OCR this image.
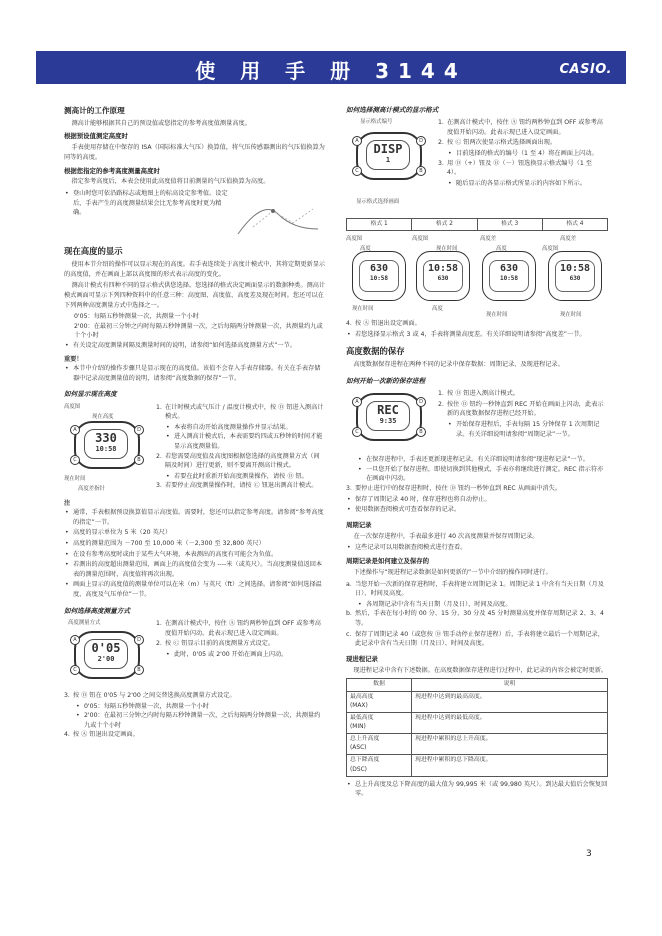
使 用 手 册 3144	CASIO.
测高计的工作原理

测高计能够根据其自己的预设值或您指定的参考高度值测量高度。

根据预设值测定高度时

手表使用存储在中保存的 ISA（国际标准大气压）换算值，将气压传感器测出的气压值换算为同等的高度。

根据您指定的参考高度测量高度时

指定参考高度后，本表会使用此高度值将目前测量的气压值换算为高度。

• 登山时您可依沿路标志或地图上的标高设定参考值。设定后，手表产生的高度测量结果会比无参考高度时更为精确。
现在高度的显示

使用本节介绍的操作可以显示现在的高度。若手表连续处于高度计模式中，其将定期更新显示的高度值，并在画面上部以高度图的形式表示高度的变化。

测高计模式有四种不同的显示格式供您选择。您选择的格式决定画面显示的数据种类。测高计模式画面可显示下列四种资料中的任意三种：高度图、高度值、高度差及现在时间。您还可以在下列两种高度测量方式中选择之一。

0'05：每隔五秒钟测量一次，共测量一个小时
2'00：在最初三分钟之内时每隔五秒钟测量一次，之后每隔两分钟测量一次，共测量约九或十个小时
• 有关设定高度测量间隔及测量时间的说明，请参阅“如何选择高度测量方式”一节。
重要！
• 本节中介绍的操作步骤只是显示现在的高度值。该值不会存入手表存储器。有关在手表存储器中记录高度测量值的说明，请参阅“高度数据的保存”一节。
如何显示现在高度
高度图
现在高度
330
10:58
A	D
B
C
现在时间
高度差指针
1. 在计时模式或气压计 / 温度计模式中，按 Ⓓ 钮进入测高计模式。
• 本表将自动开始高度测量操作并显示结果。
• 进入测高计模式后，本表需要约四或五秒钟的时间才能显示高度测量值。
2. 若您需要高度值及高度图根据您选择的高度测量方式（间隔及时间）进行更新，则不要离开测高计模式。
• 若要在此时重新开始高度测量操作，请按 Ⓓ 钮。
3. 若要停止高度测量操作时，请按 Ⓒ 钮退出测高计模式。
注
• 通常，手表根据预设换算值显示高度值。需要时，您还可以指定参考高度。请参阅“参考高度的指定”一节。
• 高度的显示单位为 5 米（20 英尺）
• 高度的测量范围为 －700 至 10,000 米（－2,300 至 32,800 英尺）
• 在设有参考高度时或由于某些大气环境，本表测出的高度有可能会为负值。
• 若测出的高度超出测量范围，画面上的高度值会变为 ----米（或英尺）。当高度测量值返回本表的测量范围时，高度值将再次出现。
• 画面上显示的高度值的测量单位可以在米（m）与英尺（ft）之间选择。请参阅“如何选择温度、高度及气压单位”一节。
如何选择高度测量方式
高度测量方式
0'05
2'00
A	D
B
C
1. 在测高计模式中，按住 Ⓐ 钮约两秒钟直到 OFF 或参考高度值开始闪动。此表示现已进入设定画面。
2. 按 Ⓒ 钮显示目前的高度测量方式设定。
• 此时，0'05 或 2'00 开始在画面上闪动。
3. 按 Ⓓ 钮在 0'05 与 2'00 之间交替选换高度测量方式设定。
• 0'05：每隔五秒钟测量一次，共测量一个小时
• 2'00：在最初三分钟之内时每隔五秒钟测量一次，之后每隔两分钟测量一次，共测量约九或十个小时
4. 按 Ⓐ 钮退出设定画面。
如何选择测高计模式的显示格式
显示格式编号
DISP
1
A	D
B
C
显示格式选择画面
1. 在测高计模式中，按住 Ⓐ 钮约两秒钟直到 OFF 或参考高度值开始闪动。此表示现已进入设定画面。
2. 按 Ⓒ 钮两次使显示格式选择画面出现。
• 目前选择的格式的编号（1 至 4）将在画面上闪动。
3. 用 Ⓓ（+）钮及 Ⓑ（－）钮选换显示格式编号（1 至 4）。
• 随后显示的各显示格式所显示的内容如下所示。
格式 1	格式 2	格式 3	格式 4
高度图
高度
630
10:58
现在时间
高度图
现在时间
10:58
630
高度
高度差
高度
630
10:58
现在时间
高度差
高度图
10:58
630
现在时间
4. 按 Ⓐ 钮退出设定画面。
• 若您选择显示格式 3 或 4，手表将测量高度差。有关详细说明请参阅“高度差”一节。
高度数据的保存

高度数据保存进程在两种不同的记录中保存数据：周期记录、及现进程记录。

如何开始一次新的保存进程
REC
9:35
A	D
B
C
1. 按 Ⓓ 钮进入测高计模式。
2. 按住 Ⓓ 钮约一秒钟直到 REC 开始在画面上闪动，此表示新的高度数据保存进程已经开始。
• 开始保存进程后，手表每隔 15 分钟保存 1 次周期记录。有关详细说明请参阅“周期记录”一节。
• 在保存进程中，手表还更新现进程记录。有关详细说明请参阅“现进程记录”一节。
• 一旦您开始了保存进程，即使切换到其他模式，手表亦将继续进行测定。REC 指示符亦在画面中闪动。
3. 要停止进行中的保存进程时，按住 Ⓓ 钮约一秒钟直到 REC 从画面中消失。
• 保存了周期记录 40 时，保存进程也将自动停止。
• 使用数据查阅模式可查看保存的记录。
周期记录

在一次保存进程中，手表最多进行 40 次高度测量并保存周期记录。

• 这些记录可以用数据查阅模式进行查看。
周期记录是如何建立及保存的

下述操作与“现进程记录数据是如何更新的”一节中介绍的操作同时进行。

a. 当您开始一次新的保存进程时，手表将建立周期记录 1。周期记录 1 中含有当天日期（月及日）、时间及高度。
• 各周期记录中含有当天日期（月及日）、时间及高度。
b. 然后，手表在每小时的 00 分、15 分、30 分及 45 分时测量高度并保存周期记录 2、3、4 等。
c. 保存了周期记录 40（或您按 Ⓓ 钮手动停止保存进程）后，手表将建立最后一个周期记录，此记录中含有当天日期（月及日）、时间及高度。
现进程记录

现进程记录中含有下述数据。在高度数据保存进程进行过程中，此记录的内容会被定时更新。

数据	说明
最高高度
(MAX)	现进程中达到的最高高度。
最低高度
(MIN)	现进程中达到的最低高度。
总上升高度
(ASC)	现进程中累积的总上升高度。
总下降高度
(DSC)	现进程中累积的总下降高度。
• 总上升高度及总下降高度的最大值为 99,995 米（或 99,980 英尺）。到达最大值后会恢复回零。
3
